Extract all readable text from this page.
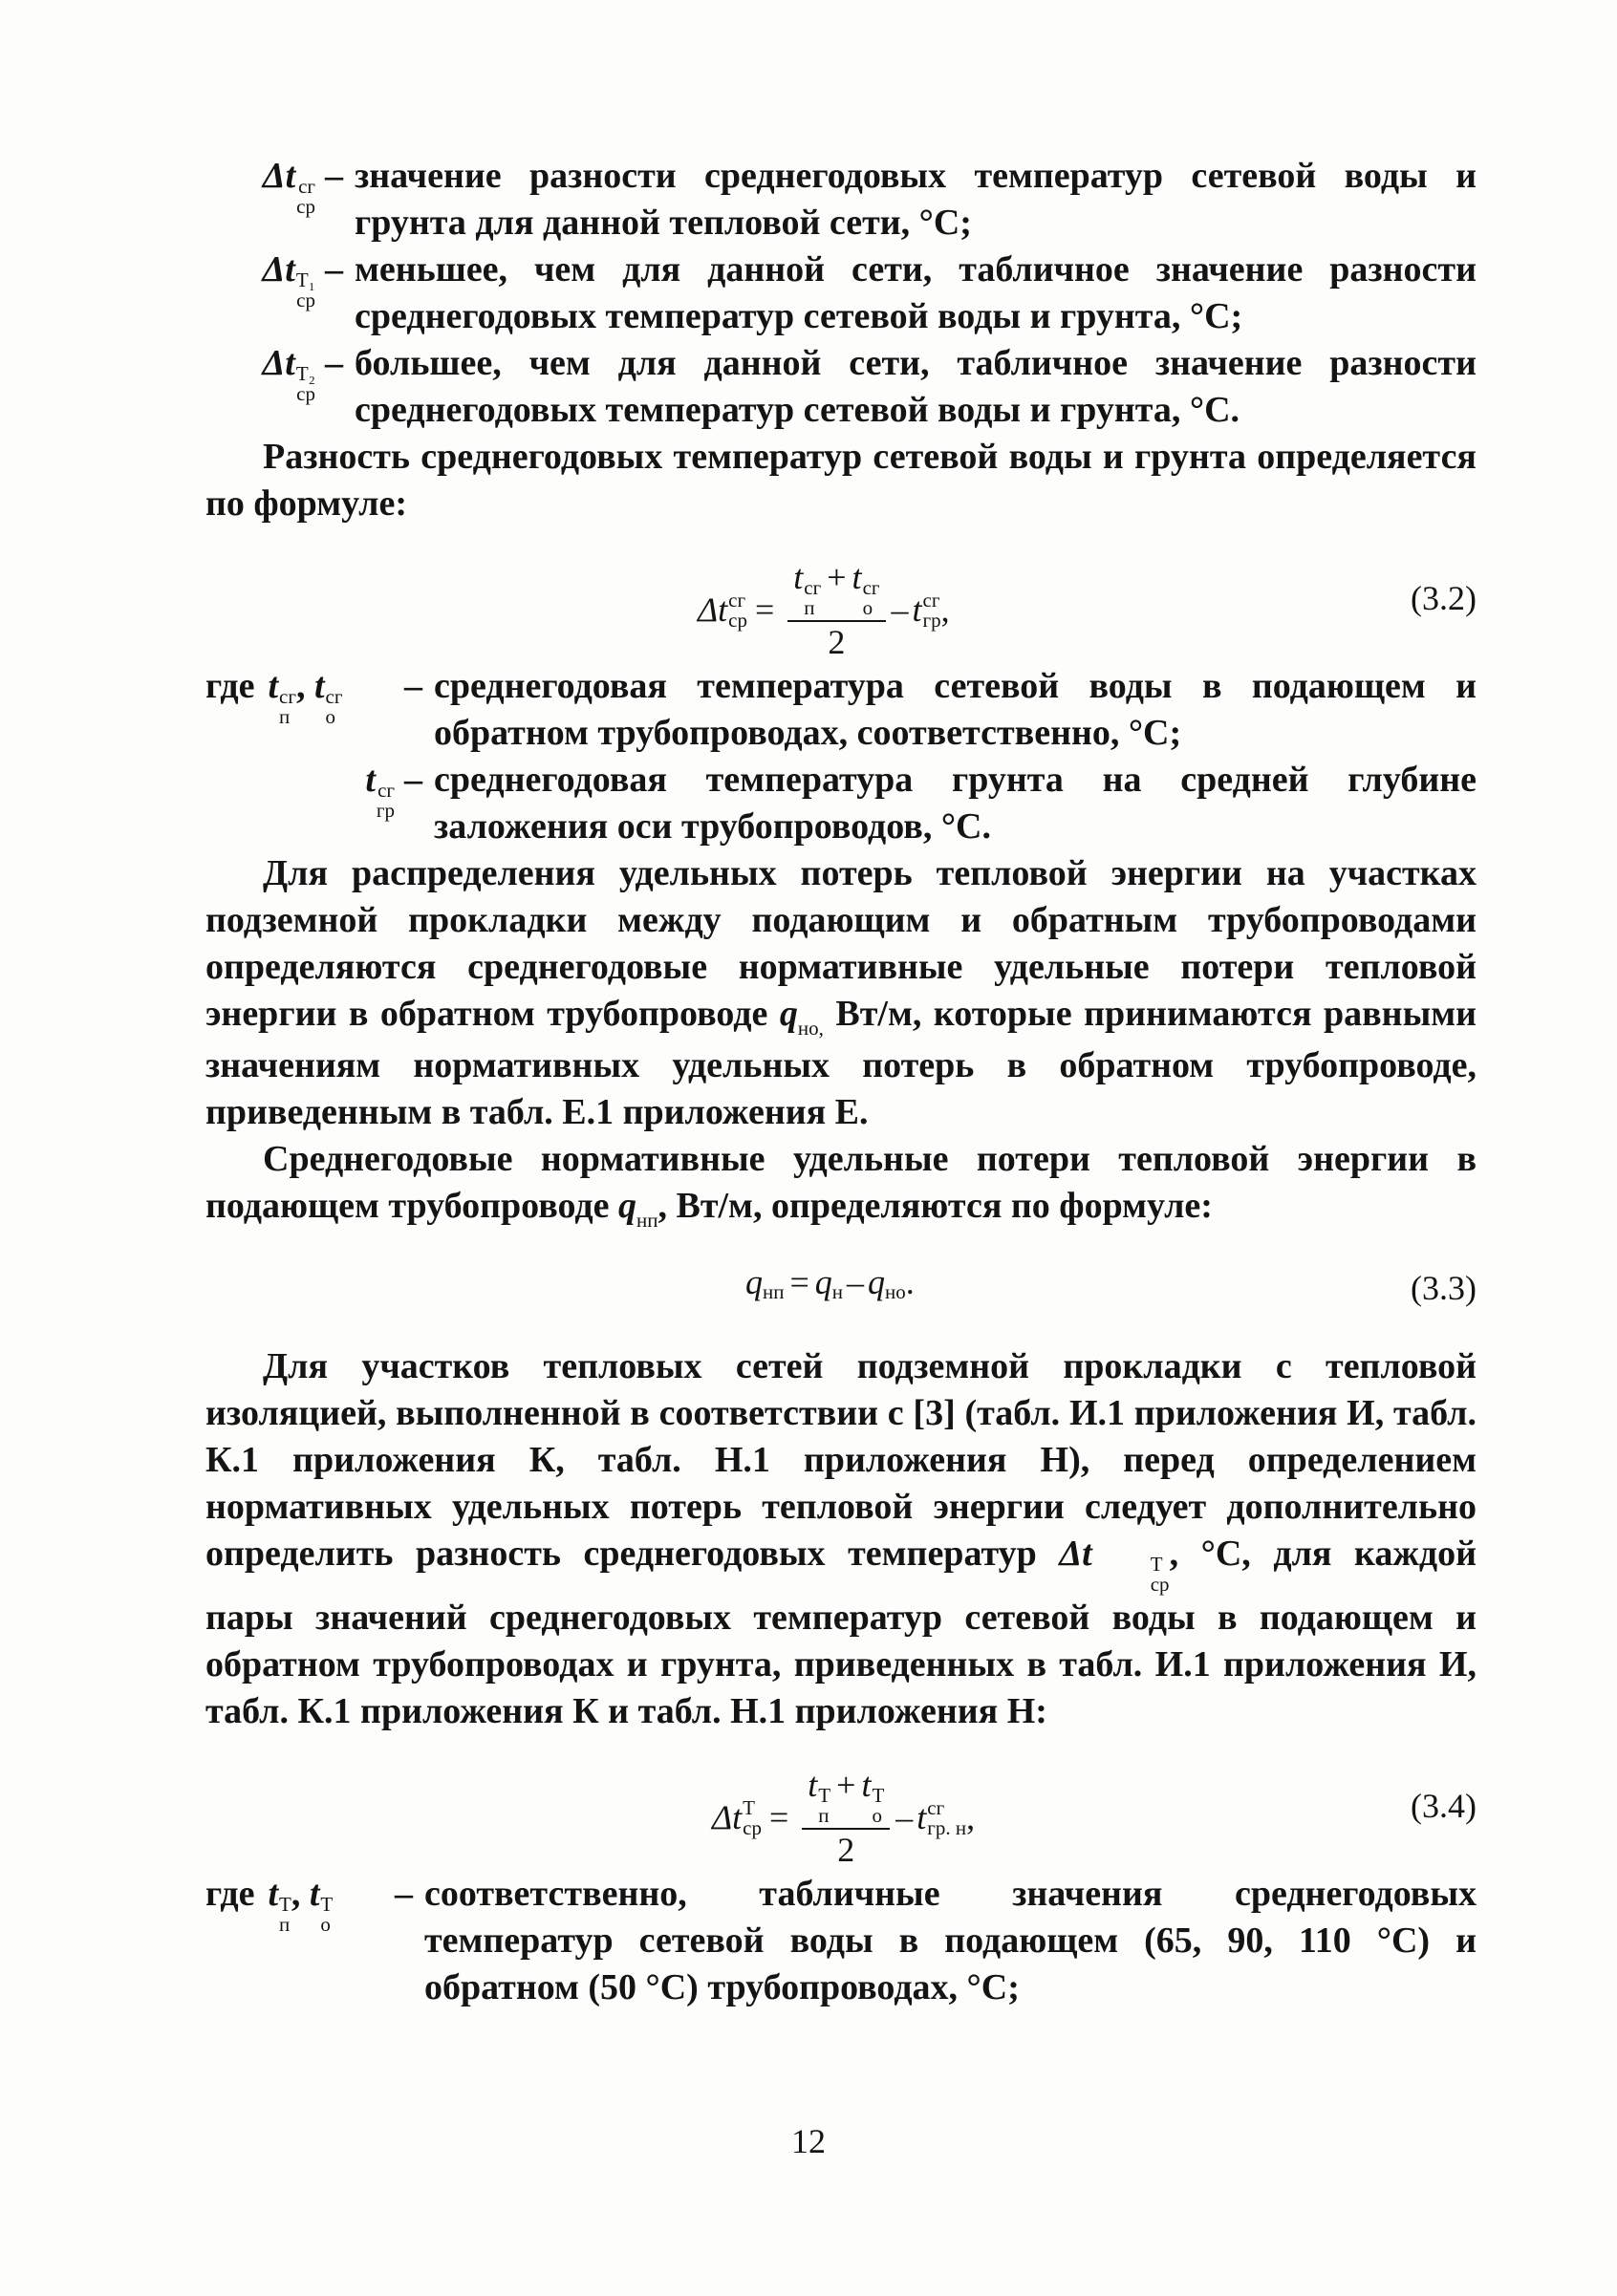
Δt сг
ср
– значение разности среднегодовых температур сетевой воды и грунта для данной тепловой сети, °С;
Δt Т₁
ср
– меньшее, чем для данной сети, табличное значение разности среднегодовых температур сетевой воды и грунта, °С;
Δt Т₂
ср
– большее, чем для данной сети, табличное значение разности среднегодовых температур сетевой воды и грунта, °С.

Разность среднегодовых температур сетевой воды и грунта определяется по формуле:

Δt сг
ср = t сг
п
+ t сг
о
2 – t сг
гр ,	(3.2)
где t сг
п
, t сг
о
– среднегодовая температура сетевой воды в подающем и обратном трубопроводах, соответственно, °С;
t сг
гр
– среднегодовая температура грунта на средней глубине заложения оси трубопроводов, °С.

Для распределения удельных потерь тепловой энергии на участках подземной прокладки между подающим и обратным трубопроводами определяются среднегодовые нормативные удельные потери тепловой энергии в обратном трубопроводе $q_{нo,}$ Вт/м, которые принимаются равными значениям нормативных удельных потерь в обратном трубопроводе, приведенным в табл. Е.1 приложения Е.

Среднегодовые нормативные удельные потери тепловой энергии в подающем трубопроводе $q_{нп}$, Вт/м, определяются по формуле:

q нп = q н – q но .	(3.3)

Для участков тепловых сетей подземной прокладки с тепловой изоляцией, выполненной в соответствии с [3] (табл. И.1 приложения И, табл. К.1 приложения К, табл. Н.1 приложения Н), перед определением нормативных удельных потерь тепловой энергии следует дополнительно определить разность среднегодовых температур Δt	Т
ср
, °С, для каждой пары значений среднегодовых температур сетевой воды в подающем и обратном трубопроводах и грунта, приведенных в табл. И.1 приложения И, табл. К.1 приложения К и табл. Н.1 приложения Н:

Δt Т
ср = t Т
п
+ t Т
о
2 – t сг
гр. н ,	(3.4)
где t Т
п
, t Т
о
– соответственно, табличные значения среднегодовых температур сетевой воды в подающем (65, 90, 110 °С) и обратном (50 °С) трубопроводах, °С;
12
